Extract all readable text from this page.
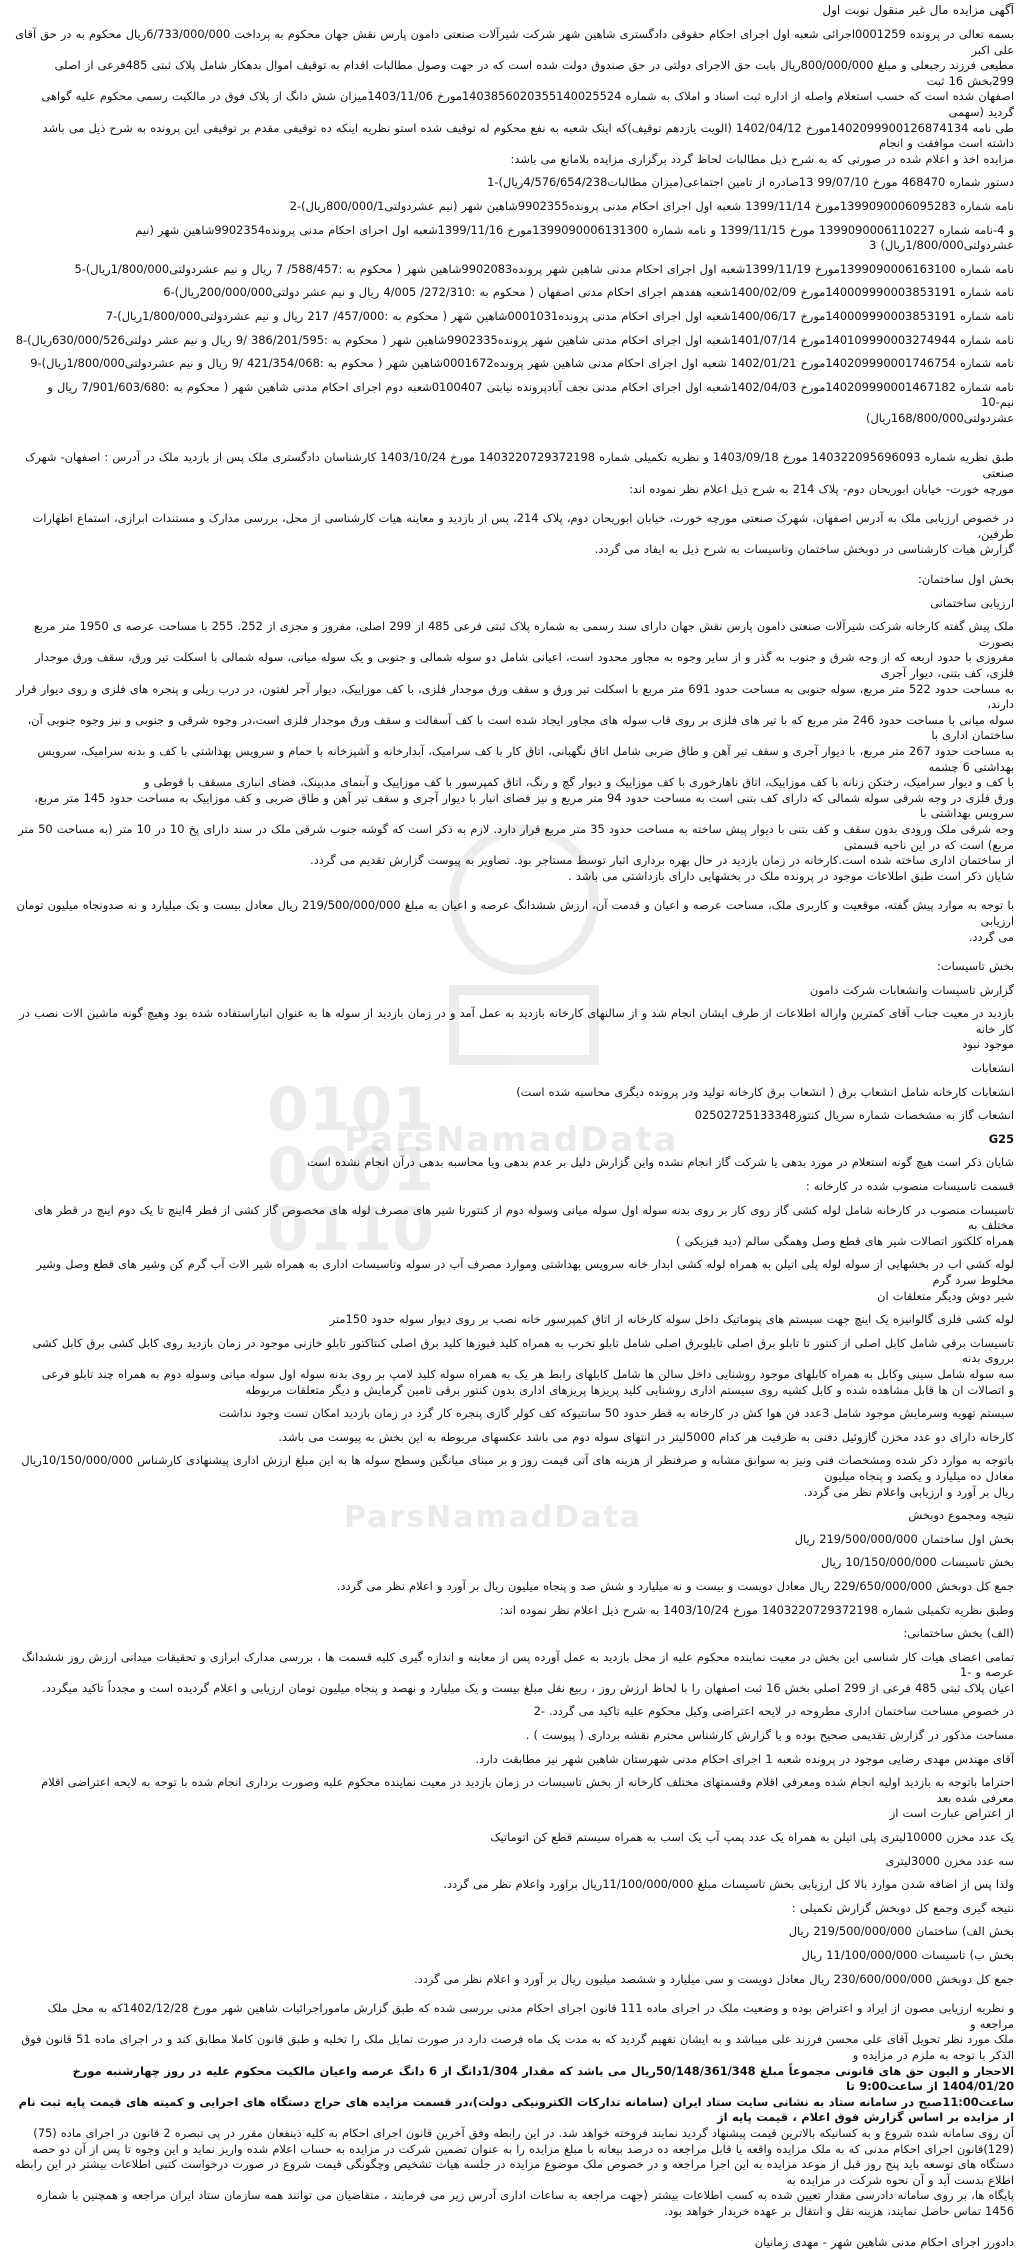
0101
0001
0110
ParsNamadData
ParsNamadData
آگهی مزایده مال غیر منقول نوبت اول
بسمه تعالی در پرونده 0001259اجرائی شعبه اول اجرای احکام حقوقی دادگستری شاهین شهر شرکت شیرآلات صنعتی دامون پارس نقش جهان محکوم به پرداخت 6/733/000/000ریال محکوم به در حق آقای علی اکبر
مطیعی فرزند رجبعلی و مبلغ 800/000/000ریال بابت حق الاجرای دولتی در حق صندوق دولت شده است که در جهت وصول مطالبات اقدام به توقیف اموال بدهکار شامل پلاک ثبتی 485فرعی از اصلی 299بخش 16 ثبت
اصفهان شده است که حسب استعلام واصله از اداره ثبت اسناد و املاک به شماره 1403856020355140025524مورخ 1403/11/06میزان شش دانگ از پلاک فوق در مالکیت رسمی محکوم علیه گواهی گردید (سهمی
طی نامه 1402099900126874134مورخ 1402/04/12 (الویت یازدهم توقیف)که اینک شعبه به نفع محکوم له توقیف شده استو نظریه اینکه ده توقیفی مقدم بر توقیفی این پرونده به شرح ذیل می باشد داشته است موافقت و انجام
مزایده اخذ و اعلام شده در صورتی که به شرح ذیل مطالبات لحاظ گردد برگزاری مزایده بلامانع می باشد:
دستور شماره 468470 مورخ 99/07/10 13صادره از تامین اجتماعی(میزان مطالبات4/576/654/238ریال)-1
نامه شماره 1399090006095283مورخ 1399/11/14 شعبه اول اجرای احکام مدنی پرونده9902355شاهین شهر (نیم عشردولتی800/000/1ریال)-2
و 4-نامه شماره 1399090006110227 مورخ 1399/11/15 و نامه شماره 1399090006131300مورخ 1399/11/16شعبه اول اجرای احکام مدنی پرونده9902354شاهین شهر (نیم عشردولتی1/800/000ریال) 3
نامه شماره 1399090006163100مورخ 1399/11/19شعبه اول اجرای احکام مدنی شاهین شهر پرونده9902083شاهین شهر ( محکوم به :588/457/ 7 ریال و نیم عشردولتی1/800/000ریال)-5
نامه شماره 140009990003853191مورخ 1400/02/09شعبه هفدهم اجرای احکام مدنی اصفهان ( محکوم به :272/310/ 4/005 ریال و نیم عشر دولتی200/000/000ریال)-6
نامه شماره 140009990003853191مورخ 1400/06/17شعبه اول اجرای احکام مدنی پرونده0001031شاهین شهر ( محکوم به :457/000/ 217 ریال و نیم عشردولتی1/800/000ریال)-7
نامه شماره 140109990003274944مورخ 1401/07/14شعبه اول اجرای احکام مدنی شاهین شهر پرونده9902335شاهین شهر ( محکوم به :386/201/595 /9 ریال و نیم عشر دولتی630/000/526ریال)-8
نامه شماره 140209990001746754مورخ 1402/01/21 شعبه اول اجرای احکام مدنی شاهین شهر پرونده0001672شاهین شهر ( محکوم به :421/354/068 /9 ریال و نیم عشردولتی1/800/000ریال)-9
نامه شماره 140209990001467182مورخ 1402/04/03شعبه اول اجرای احکام مدنی نجف آبادپرونده نیابتی 0100407شعبه دوم اجرای احکام مدنی شاهین شهر ( محکوم به :7/901/603/680 ریال و نیم-10
عشردولتی168/800/000ریال)
طبق نظریه شماره 140322095696093 مورخ 1403/09/18 و نظریه تکمیلی شماره 1403220729372198 مورخ 1403/10/24 کارشناسان دادگستری ملک پس از بازدید ملک در آدرس : اصفهان- شهرک صنعتی
مورچه خورت- خیابان ابوریحان دوم- پلاک 214 به شرح ذیل اعلام نظر نموده اند:
در خصوص ارزیابی ملک به آدرس اصفهان، شهرک صنعتی مورچه خورت، خیابان ابوریحان دوم، پلاک 214، پس از بازدید و معاینه هیات کارشناسی از محل، بررسی مدارک و مستندات ابرازی، استماع اظهارات طرفین،
گزارش هیات کارشناسی در دوبخش ساختمان وتاسیسات به شرح ذیل به ایفاد می گردد.
بخش اول ساختمان:
ارزیابی ساختمانی
ملک پیش گفته کارخانه شرکت شیرآلات صنعتی دامون پارس نقش جهان دارای سند رسمی به شماره پلاک ثبتی فرعی 485 از 299 اصلی، مفروز و مجزی از 252. 255 با مساحت عرصه ی 1950 متر مربع بصورت
مفروزی با حدود اربعه که از وجه شرق و جنوب به گذر و از سایر وجوه به مجاور محدود است، اعیانی شامل دو سوله شمالی و جنوبی و یک سوله میانی، سوله شمالی با اسکلت تیر ورق، سقف ورق موجدار فلزی، کف بتنی، دیوار آجری
به مساحت حدود 522 متر مربع، سوله جنوبی به مساحت حدود 691 متر مربع با اسکلت تیر ورق و سقف ورق موجدار فلزی، با کف موزاییک، دیوار آجر لفتون، در درب ریلی و پنجره های فلزی و روی دیوار قرار دارند،
سوله میانی با مساحت حدود 246 متر مربع که با تیر های فلزی بر روی قاب سوله های مجاور ایجاد شده است با کف آسفالت و سقف ورق موجدار فلزی است،در وجوه شرقی و جنوبی و نیز وجوه جنوبی آن، ساختمان اداری با
به مساحت حدود 267 متر مربع، با دیوار آجری و سقف تیر آهن و طاق ضربی شامل اتاق نگهبانی، اتاق کار با کف سرامیک، آبدارخانه و آشپزخانه با حمام و سرویس بهداشتی با کف و بدنه سرامیک، سرویس بهداشتی 6 چشمه
با کف و دیوار سرامیک، رختکن زنانه با کف موزاییک، اتاق ناهارخوری با کف موزاییک و دیوار گچ و رنگ، اتاق کمپرسور با کف موزاییک و آبنمای مدبینک، فضای انباری مسقف با قوطی و
ورق فلزی در وجه شرقی سوله شمالی که دارای کف بتنی است به مساحت حدود 94 متر مربع و نیز فضای انبار با دیوار آجری و سقف تیر آهن و طاق ضربی و کف موزاییک به مساحت حدود 145 متر مربع، سرویس بهداشتی با
وجه شرقی ملک ورودی بدون سقف و کف بتنی با دیوار پیش ساخته به مساحت حدود 35 متر مربع قرار دارد. لازم به ذکر است که گوشه جنوب شرقی ملک در سند دارای پخ 10 در 10 متر (به مساحت 50 متر مربع) است که در این ناحیه قسمتی
از ساختمان اداری ساخته شده است.کارخانه در زمان بازدید در حال بهره برداری اثبار توسط مستاجر بود. تصاویر به پیوست گزارش تقدیم می گردد.
شایان ذکر است طبق اطلاعات موجود در پرونده ملک در بخشهایی دارای بازداشتی می باشد .
با توجه به موارد پیش گفته، موقعیت و کاربری ملک، مساحت عرصه و اعیان و قدمت آن، ارزش ششدانگ عرصه و اعیان به مبلغ 219/500/000/000 ریال معادل بیست و یک میلیارد و نه صدونجاه میلیون تومان ارزیابی
می گردد.
بخش تاسیسات:
گزارش تاسیسات وانشعابات شرکت دامون
بازدید در معیت جناب آقای کمترین واراله اطلاعات از طرف ایشان انجام شد و از سالنهای کارخانه بازدید به عمل آمد و در زمان بازدید از سوله ها به عنوان انباراستفاده شده بود وهیچ گونه ماشین الات نصب در کار خانه
موجود نبود
انشعابات
انشعابات کارخانه شامل انشعاب برق ( انشعاب برق کارخانه تولید ودر پرونده دیگری محاسبه شده است)
انشعاب گاز به مشخصات شماره سریال کنتور02502725133348
G25
شایان ذکر است هیچ گونه استعلام در مورد بدهی یا شرکت گاز انجام نشده واین گزارش دلیل بر عدم بدهی ویا محاسبه بدهی درآن انجام نشده است
قسمت تاسیسات منصوب شده در کارخانه :
تاسیسات منصوب در کارخانه شامل لوله کشی گاز روی کار بر روی بدنه سوله اول سوله میانی وسوله دوم از کنتورتا شیر های مصرف لوله های مخصوص گاز کشی از قطر 4اینچ تا یک دوم اینچ در قطر های مختلف به
همراه کلکتور اتصالات شیر های قطع وصل وهمگی سالم (دید فیزیکی )
لوله کشی اب در بخشهایی از سوله لوله پلی اتیلن به همراه لوله کشی ابدار خانه سرویس بهداشتی وموارد مصرف آب در سوله وتاسیسات اداری به همراه شیر الات آب گرم کن وشیر های قطع وصل وشیر مخلوط سرد گرم
شیر دوش ودیگر متعلقات ان
لوله کشی فلزی گالوانیزه یک اینچ جهت سیستم های پنوماتیک داخل سوله کارخانه از اتاق کمپرسور خانه نصب بر روی دیوار سوله حدود 150متر
تاسیسات برقی شامل کابل اصلی از کنتور تا تابلو برق اصلی تابلوبرق اصلی شامل تابلو تخرب به همراه کلید فیوزها کلید برق اصلی کنتاکتور تابلو خازنی موجود در زمان بازدید روی کابل کشی برق کابل کشی برروی بدنه
سه سوله شامل سینی وکابل به همراه کابلهای موجود روشنایی داخل سالن ها شامل کابلهای رابط هر یک به همراه سوله کلید لامپ بر روی بدنه سوله اول سوله میانی وسوله دوم به همراه چند تابلو فرعی
و اتصالات ان ها قابل مشاهده شده و کابل کشیه روی سیستم اداری روشنایی کلید پریزها پریزهای اداری بدون کنتور برقی تامین گرمایش و دیگر متعلقات مربوطه
سیستم تهویه وسرمایش موجود شامل 3عدد فن هوا کش در کارخانه به قطر حدود 50 سانتیوکه کف کولر گازی پنجره کار گرد در زمان بازدید امکان تست وجود نداشت
کارخانه دارای دو عدد مخزن گازوئیل دفنی به ظرفیت هر کدام 5000لیتر در انتهای سوله دوم می باشد عکسهای مربوطه به این بخش به پیوست می باشد.
باتوجه به موارد ذکر شده ومشخصات فنی ونیز به سوابق مشابه و صرفنظر از هزینه های آتی قیمت روز و بر مبنای میانگین وسطح سوله ها به این مبلغ ارزش اداری پیشنهادی کارشناس 10/150/000/000ریال معادل ده میلیارد و یکصد و پنجاه میلیون
ریال بر آورد و ارزیابی واعلام نظر می گردد.
نتیجه ومجموع دوبخش
بخش اول ساختمان 219/500/000/000 ریال
بخش تاسیسات 10/150/000/000 ریال
جمع کل دوبخش 229/650/000/000 ریال معادل دویست و بیست و نه میلیارد و شش صد و پنجاه میلیون ریال بر آورد و اعلام نظر می گردد.
وطبق نظریه تکمیلی شماره 1403220729372198 مورخ 1403/10/24 به شرح ذیل اعلام نظر نموده اند:
(الف) بخش ساختمانی:
تمامی اعضای هیات کار شناسی این بخش در معیت نماینده محکوم علیه از محل بازدید به عمل آورده پس از معاینه و اندازه گیری کلیه قسمت ها ، بررسی مدارک ابرازی و تحقیقات میدانی ارزش روز ششدانگ عرصه و -1
اعیان پلاک ثبتی 485 فرعی از 299 اصلی بخش 16 ثبت اصفهان را با لحاظ ارزش روز ، ربیع نقل مبلغ بیست و یک میلیارد و نهصد و پنجاه میلیون تومان ارزیابی و اعلام گردیده است و مجدداً تاکید میگردد.
در خصوص مساحت ساختمان اداری مطروحه در لایحه اعتراضی وکیل محکوم علیه تاکید می گردد. -2
مساحت مذکور در گزارش تقدیمی صحیح بوده و با گزارش کارشناس محترم نقشه برداری ( پیوست ) .
آقای مهندس مهدی رضایی موجود در پرونده شعبه 1 اجرای احکام مدنی شهرستان شاهین شهر نیز مطابقت دارد.
احتراما باتوجه به بازدید اولیه انجام شده ومعرفی اقلام وقسمتهای مختلف کارخانه از بخش تاسیسات در زمان بازدید در معیت نماینده محکوم علیه وصورت برداری انجام شده با توجه به لایحه اعتراضی اقلام معرفی شده بعد
از اعتراض عبارت است از
یک عدد مخزن 10000لیتری پلی اتیلن به همراه یک عدد پمپ آب یک اسب به همراه سیستم قطع کن اتوماتیک
سه عدد مخزن 3000لیتری
ولذا پس از اضافه شدن موارد بالا کل ارزیابی بخش تاسیسات مبلغ 11/100/000/000ریال براورد واعلام نظر می گردد.
نتیجه گیری وجمع کل دوبخش گزارش تکمیلی :
بخش الف) ساختمان 219/500/000/000 ریال
بخش ب) تاسیسات 11/100/000/000 ریال
جمع کل دوبخش 230/600/000/000 ریال معادل دویست و سی میلیارد و ششصد میلیون ریال بر آورد و اعلام نظر می گردد.
و نظریه ارزیابی مصون از ایراد و اعتراض بوده و وضعیت ملک در اجرای ماده 111 قانون اجرای احکام مدنی بررسی شده که طبق گزارش ماموراجرائیات شاهین شهر مورخ 1402/12/28که به محل ملک مراجعه و
ملک مورد نظر تحویل آقای علی محسن فرزند علی میباشد و به ایشان تفهیم گردید که به مدت یک ماه فرصت دارد در صورت تمایل ملک را تخلیه و طبق قانون کاملا مطابق کند و در اجرای ماده 51 قانون فوق الذکر با توجه به ملزم در مزایده و
الاحجار و الیون حق های قانونی مجموعاً مبلغ 50/148/361/348ریال می باشد که مقدار 1/304دانگ از 6 دانگ عرصه واعیان مالکیت محکوم علیه در روز چهارشنبه مورخ 1404/01/20 از ساعت9:00 تا
ساعت11:00صبح در سامانه ستاد به نشانی سایت ستاد ایران (سامانه تدارکات الکترونیکی دولت)،در قسمت مزایده های حراج دستگاه های اجرایی و کمیته های قیمت پایه ثبت نام از مزایده بر اساس گزارش فوق اعلام ، قیمت پایه از
آن روی سامانه شده شروع و به کسانیکه بالاترین قیمت پیشنهاد گردید نمایند فروخته خواهد شد. در این رابطه وفق آخرین قانون اجرای احکام به کلیه ذینفعان مقرر در پی تبصره 2 قانون در اجرای ماده (75)
(129)قانون اجرای احکام مدنی که به ملک مزایده واقعه یا قابل مراجعه ده درصد بیعانه با مبلغ مزایده را به عنوان تضمین شرکت در مزایده به حساب اعلام شده واریز نماید و این وجوه تا پس از آن دو حصه
دستگاه های توسعه باید پنج روز قبل از موعد مزایده به این اجرا مراجعه و در خصوص ملک موضوع مزایده در جلسه هیات تشخیص وچگونگی قیمت شروع در صورت درخواست کتبی اطلاعات بیشتر در این رابطه اطلاع بدست آید و آن نحوه شرکت در مزایده به
پایگاه ها، بر روی سامانه دادرسی مقدار تعیین شده به کسب اطلاعات بیشتر (جهت مراجعه به ساعات اداری آدرس زیر می فرمایند ، متقاضیان می توانند همه سازمان ستاد ایران مراجعه و همچنین با شماره 1456 تماس حاصل نمایند، هزینه نقل و انتقال بر عهده خریدار خواهد بود.
دادورز اجرای احکام مدنی شاهین شهر - مهدی زمانیان
